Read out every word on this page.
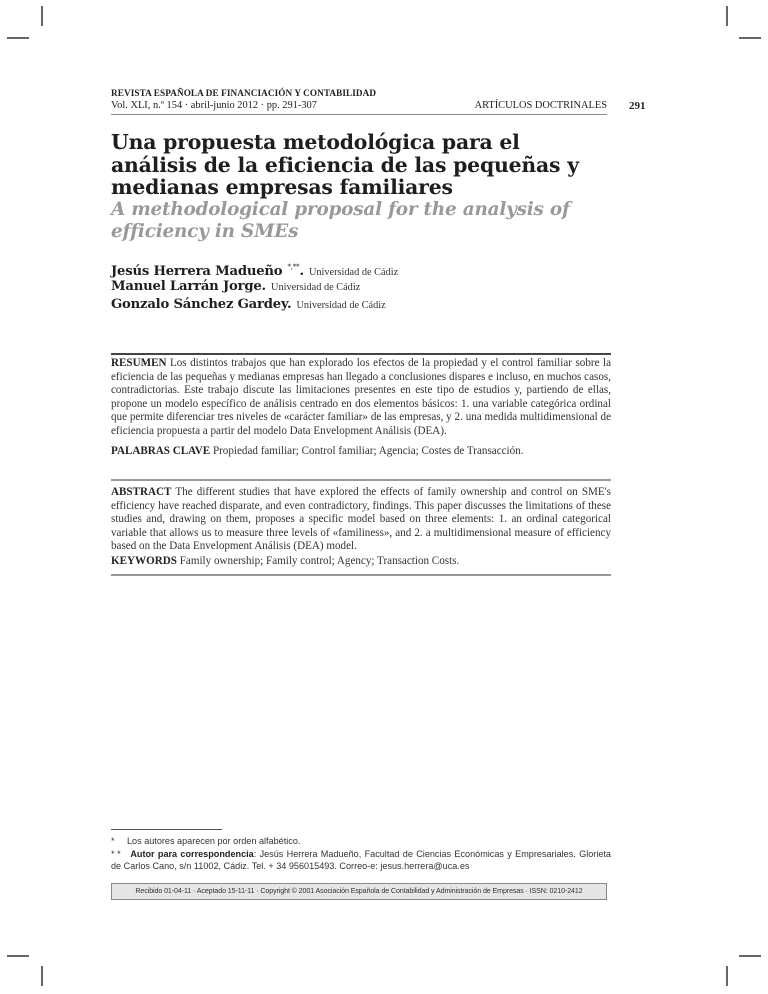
REVISTA ESPAÑOLA DE FINANCIACIÓN Y CONTABILIDAD
Vol. XLI, n.º 154 · abril-junio 2012 · pp. 291-307	ARTÍCULOS DOCTRINALES
Una propuesta metodológica para el
análisis de la eficiencia de las pequeñas y
medianas empresas familiares
A methodological proposal for the analysis of
efficiency in SMEs
Jesús Herrera Madueño *,**. Universidad de Cádiz
Manuel Larrán Jorge. Universidad de Cádiz
Gonzalo Sánchez Gardey. Universidad de Cádiz

RESUMEN Los distintos trabajos que han explorado los efectos de la propiedad y el control familiar sobre la eficiencia de las pequeñas y medianas empresas han llegado a conclusiones dispares e incluso, en muchos casos, contradictorias. Este trabajo discute las limitaciones presentes en este tipo de estudios y, partiendo de ellas, propone un modelo específico de análisis centrado en dos elementos básicos: 1. una variable categórica ordinal que permite diferenciar tres niveles de «carácter familiar» de las empresas, y 2. una medida multidimensional de eficiencia propuesta a partir del modelo Data Envelopment Análisis (DEA).

PALABRAS CLAVE Propiedad familiar; Control familiar; Agencia; Costes de Transacción.

ABSTRACT The different studies that have explored the effects of family ownership and control on SME's efficiency have reached disparate, and even contradictory, findings. This paper discusses the limitations of these studies and, drawing on them, proposes a specific model based on three elements: 1. an ordinal categorical variable that allows us to measure three levels of «familiness», and 2. a multidimensional measure of efficiency based on the Data Envelopment Análisis (DEA) model.

KEYWORDS Family ownership; Family control; Agency; Transaction Costs.

* Los autores aparecen por orden alfabético.
* * Autor para correspondencia: Jesús Herrera Madueño, Facultad de Ciencias Económicas y Empresariales. Glorieta de Carlos Cano, s/n 11002, Cádiz. Tel. + 34 956015493. Correo-e: jesus.herrera@uca.es
Recibido 01-04-11 · Aceptado 15-11-11 · Copyright © 2001 Asociación Española de Contabilidad y Administración de Empresas · ISSN: 0210-2412
291
